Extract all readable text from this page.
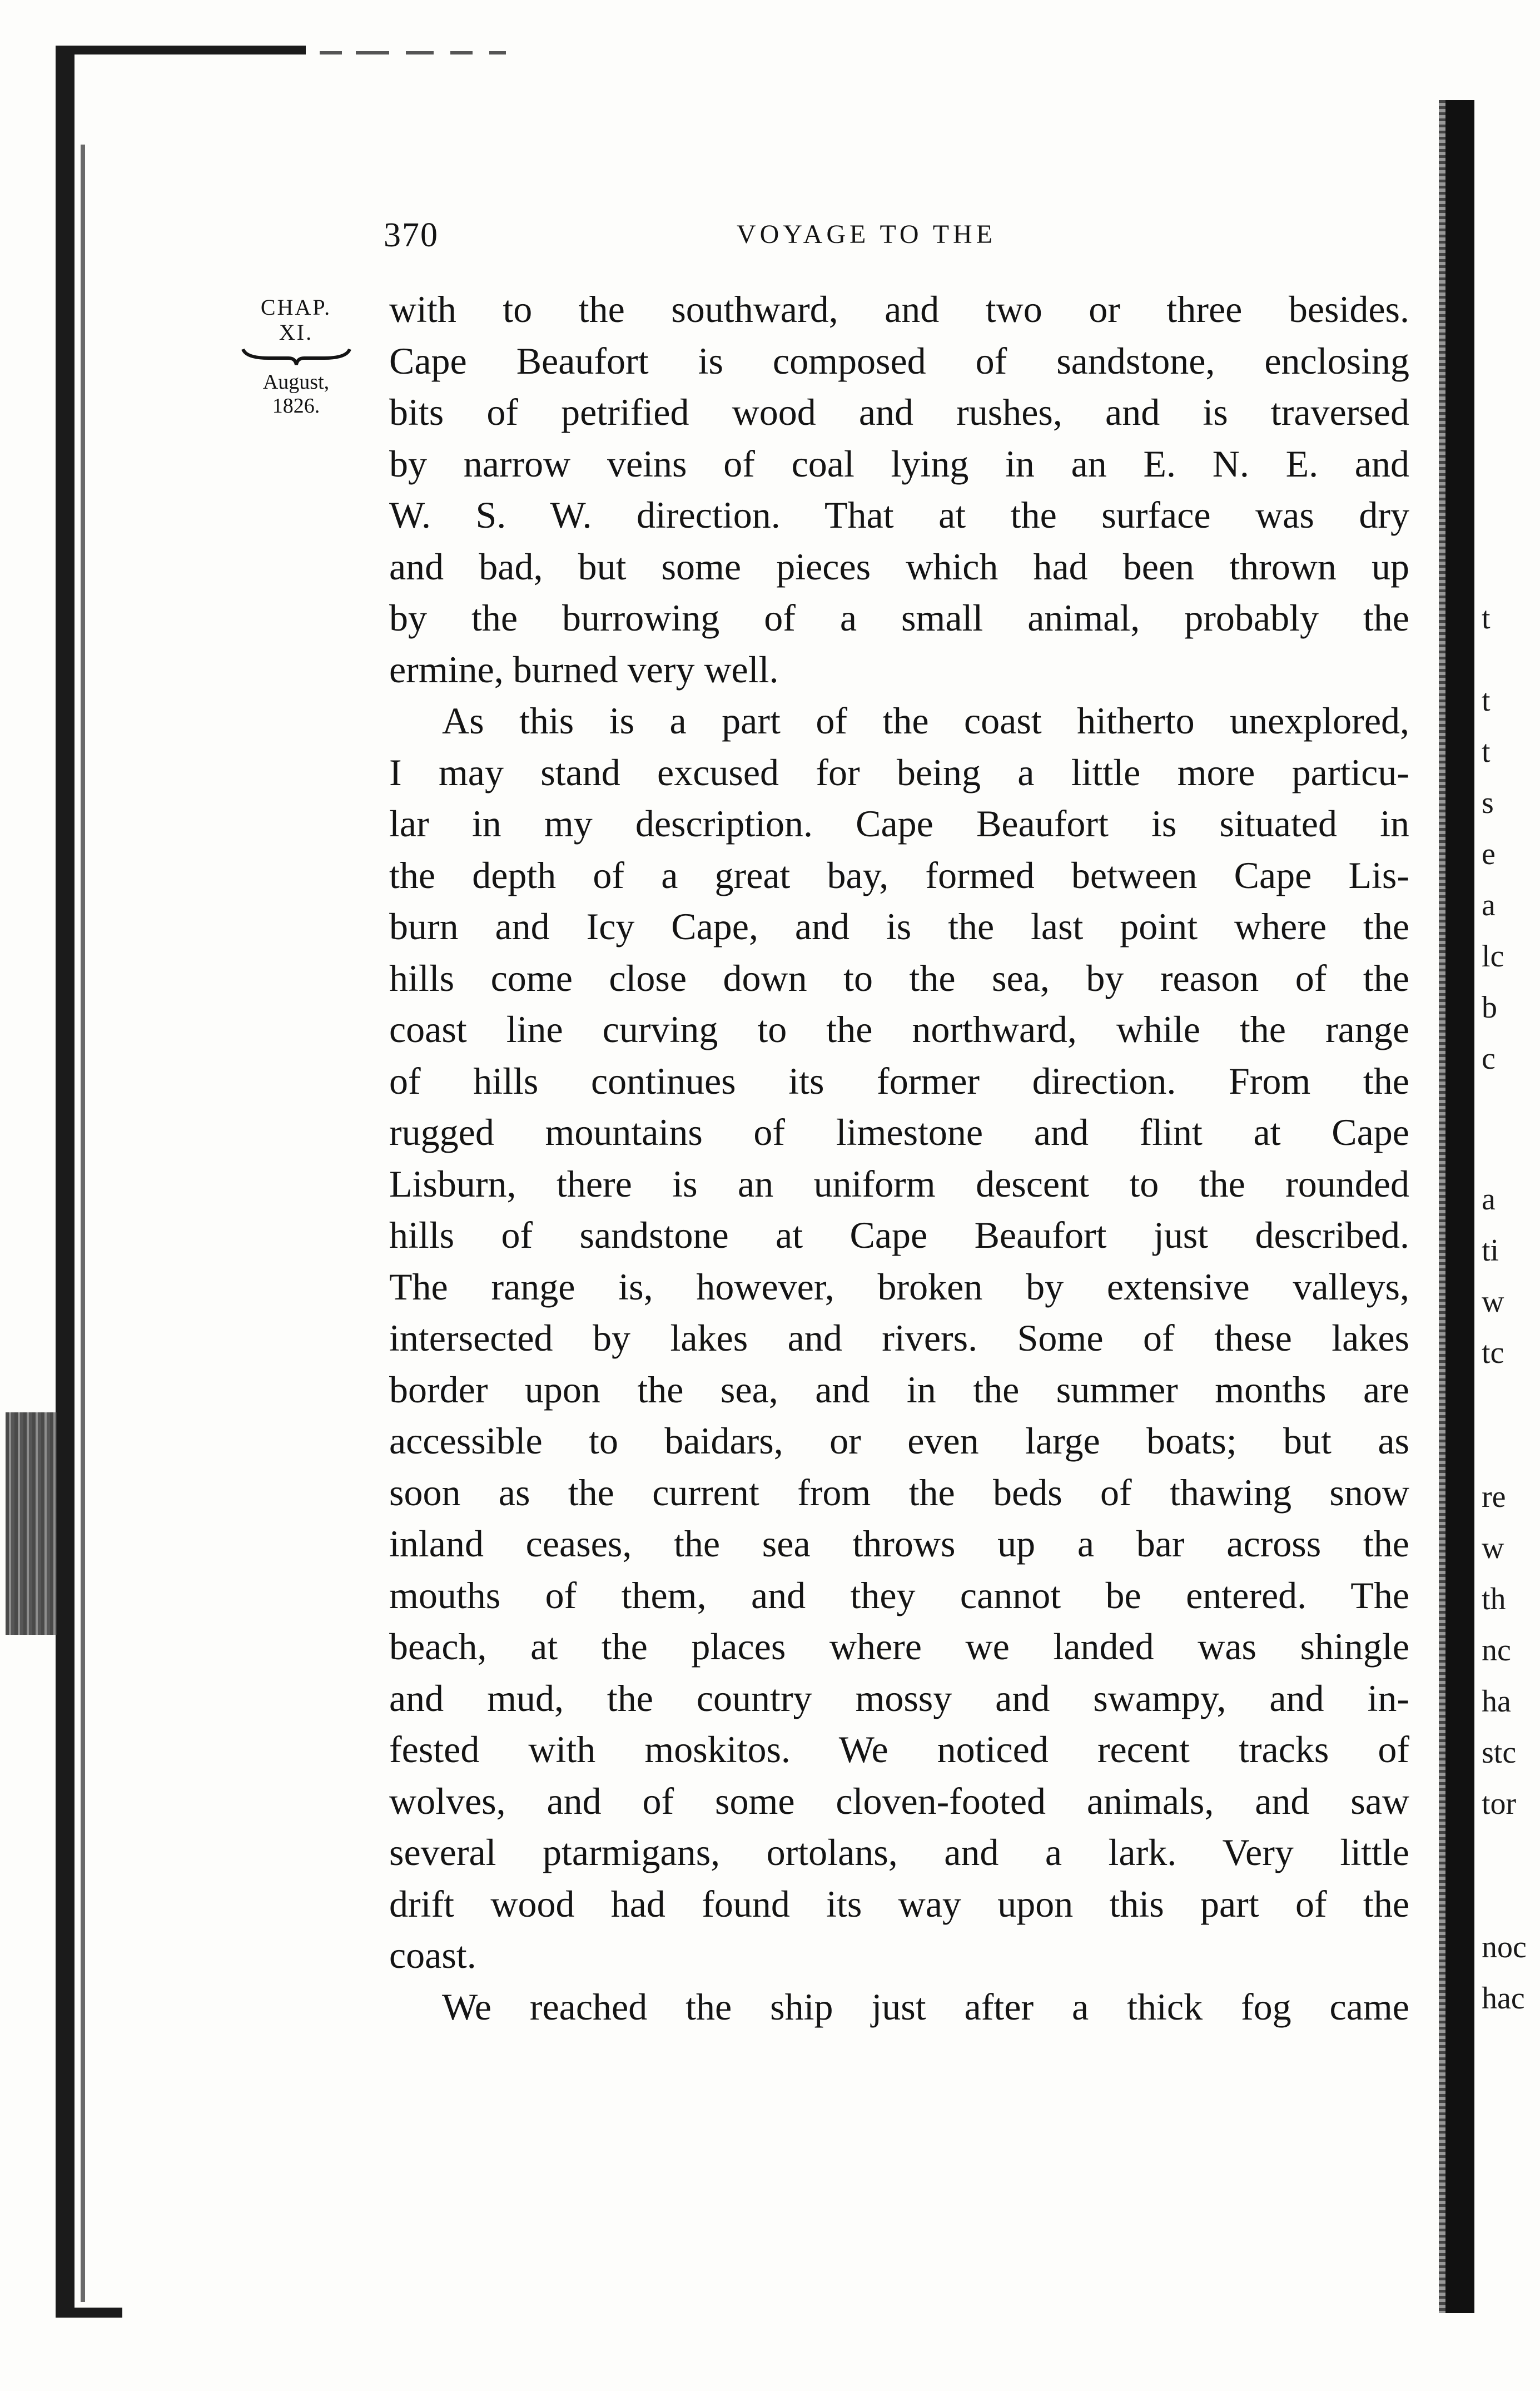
370	VOYAGE TO THE
CHAP.
XI.
August,
1826.
with to the southward, and two or three besides.
Cape Beaufort is composed of sandstone, enclosing
bits of petrified wood and rushes, and is traversed
by narrow veins of coal lying in an E. N. E. and
W. S. W. direction. That at the surface was dry
and bad, but some pieces which had been thrown up
by the burrowing of a small animal, probably the
ermine, burned very well.
As this is a part of the coast hitherto unexplored,
I may stand excused for being a little more particu-
lar in my description. Cape Beaufort is situated in
the depth of a great bay, formed between Cape Lis-
burn and Icy Cape, and is the last point where the
hills come close down to the sea, by reason of the
coast line curving to the northward, while the range
of hills continues its former direction. From the
rugged mountains of limestone and flint at Cape
Lisburn, there is an uniform descent to the rounded
hills of sandstone at Cape Beaufort just described.
The range is, however, broken by extensive valleys,
intersected by lakes and rivers. Some of these lakes
border upon the sea, and in the summer months are
accessible to baidars, or even large boats; but as
soon as the current from the beds of thawing snow
inland ceases, the sea throws up a bar across the
mouths of them, and they cannot be entered. The
beach, at the places where we landed was shingle
and mud, the country mossy and swampy, and in-
fested with moskitos. We noticed recent tracks of
wolves, and of some cloven-footed animals, and saw
several ptarmigans, ortolans, and a lark. Very little
drift wood had found its way upon this part of the
coast.
We reached the ship just after a thick fog came
t
t
t
s
e
a
lc
b
c
a
ti
w
tc
re
w
th
nc
ha
stc
tor
noc
hac
